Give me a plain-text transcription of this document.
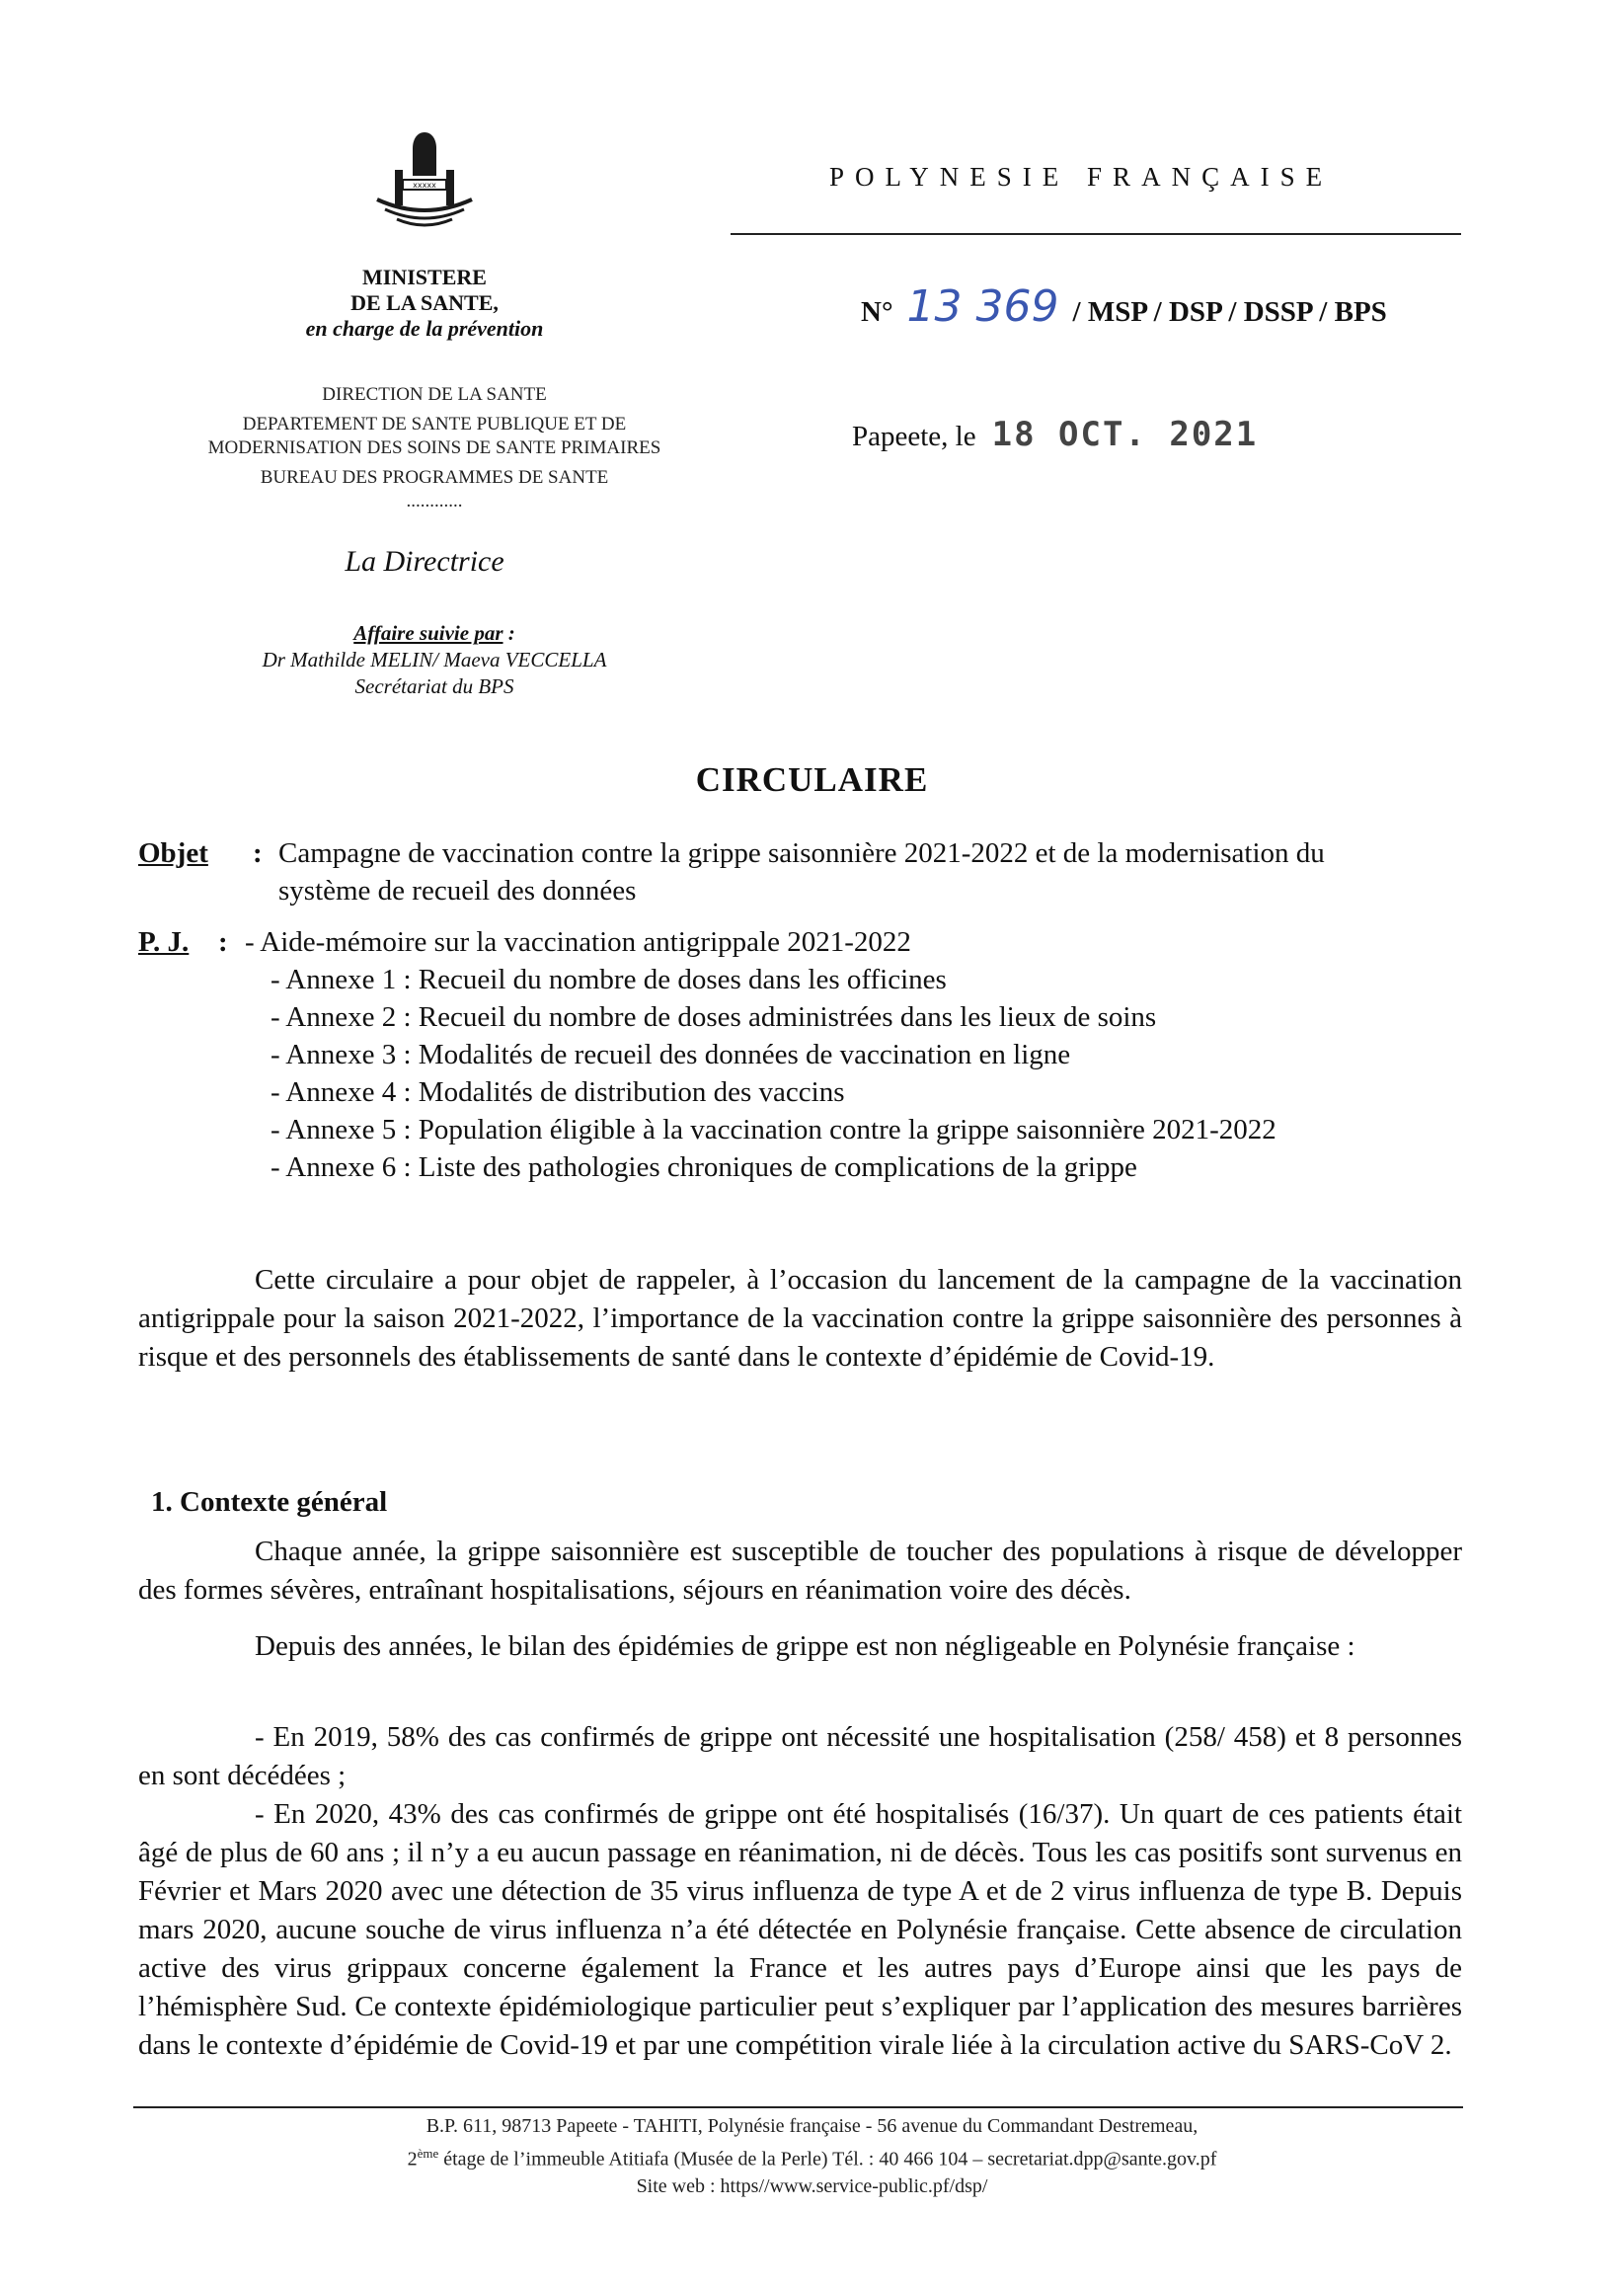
xxxxx
MINISTERE
DE LA SANTE,
en charge de la prévention
DIRECTION DE LA SANTE
DEPARTEMENT DE SANTE PUBLIQUE ET DE
MODERNISATION DES SOINS DE SANTE PRIMAIRES
BUREAU DES PROGRAMMES DE SANTE
............
La Directrice
Affaire suivie par :
Dr Mathilde MELIN/ Maeva VECCELLA
Secrétariat du BPS
POLYNESIE FRANÇAISE
N° 13 369 / MSP / DSP / DSSP / BPS
Papeete, le 18 OCT. 2021
CIRCULAIRE
Objet : Campagne de vaccination contre la grippe saisonnière 2021-2022 et de la modernisation du
système de recueil des données
P. J. : - Aide-mémoire sur la vaccination antigrippale 2021-2022
- Annexe 1 : Recueil du nombre de doses dans les officines
- Annexe 2 : Recueil du nombre de doses administrées dans les lieux de soins
- Annexe 3 : Modalités de recueil des données de vaccination en ligne
- Annexe 4 : Modalités de distribution des vaccins
- Annexe 5 : Population éligible à la vaccination contre la grippe saisonnière 2021-2022
- Annexe 6 : Liste des pathologies chroniques de complications de la grippe
Cette circulaire a pour objet de rappeler, à l’occasion du lancement de la campagne de la vaccination antigrippale pour la saison 2021-2022, l’importance de la vaccination contre la grippe saisonnière des personnes à risque et des personnels des établissements de santé dans le contexte d’épidémie de Covid-19.
1. Contexte général
Chaque année, la grippe saisonnière est susceptible de toucher des populations à risque de développer des formes sévères, entraînant hospitalisations, séjours en réanimation voire des décès.
Depuis des années, le bilan des épidémies de grippe est non négligeable en Polynésie française :
- En 2019, 58% des cas confirmés de grippe ont nécessité une hospitalisation (258/ 458) et 8 personnes en sont décédées ;
- En 2020, 43% des cas confirmés de grippe ont été hospitalisés (16/37). Un quart de ces patients était âgé de plus de 60 ans ; il n’y a eu aucun passage en réanimation, ni de décès. Tous les cas positifs sont survenus en Février et Mars 2020 avec une détection de 35 virus influenza de type A et de 2 virus influenza de type B. Depuis mars 2020, aucune souche de virus influenza n’a été détectée en Polynésie française. Cette absence de circulation active des virus grippaux concerne également la France et les autres pays d’Europe ainsi que les pays de l’hémisphère Sud. Ce contexte épidémiologique particulier peut s’expliquer par l’application des mesures barrières dans le contexte d’épidémie de Covid-19 et par une compétition virale liée à la circulation active du SARS-CoV 2.
B.P. 611, 98713 Papeete - TAHITI, Polynésie française - 56 avenue du Commandant Destremeau,
2ème étage de l’immeuble Atitiafa (Musée de la Perle) Tél. : 40 466 104 – secretariat.dpp@sante.gov.pf
Site web : https//www.service-public.pf/dsp/
